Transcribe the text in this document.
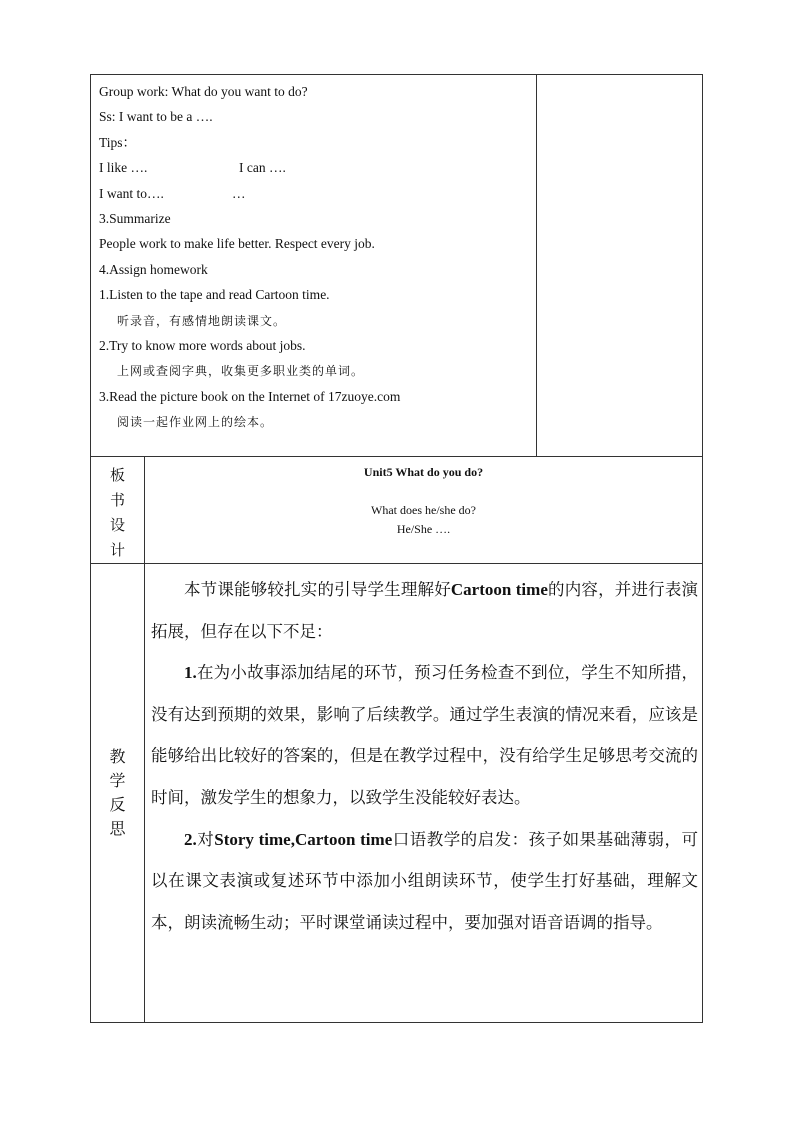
Group work: What do you want to do?
Ss: I want to be a ….
Tips：
I like ….	I can ….
I want to….	…
3.Summarize
People work to make life better. Respect every job.
4.Assign homework
1.Listen to the tape and read Cartoon time.
听录音，有感情地朗读课文。
2.Try to know more words about jobs.
上网或查阅字典，收集更多职业类的单词。
3.Read the picture book on the Internet of 17zuoye.com
阅读一起作业网上的绘本。
板
书
设
计
Unit5 What do you do?
What does he/she do?
He/She ….
教
学
反
思

本节课能够较扎实的引导学生理解好Cartoon time的内容，并进行表演拓展，但存在以下不足：

1.在为小故事添加结尾的环节，预习任务检查不到位，学生不知所措，没有达到预期的效果，影响了后续教学。通过学生表演的情况来看，应该是能够给出比较好的答案的，但是在教学过程中，没有给学生足够思考交流的时间，激发学生的想象力，以致学生没能较好表达。

2.对Story time,Cartoon time口语教学的启发：孩子如果基础薄弱，可以在课文表演或复述环节中添加小组朗读环节，使学生打好基础，理解文本，朗读流畅生动；平时课堂诵读过程中，要加强对语音语调的指导。
